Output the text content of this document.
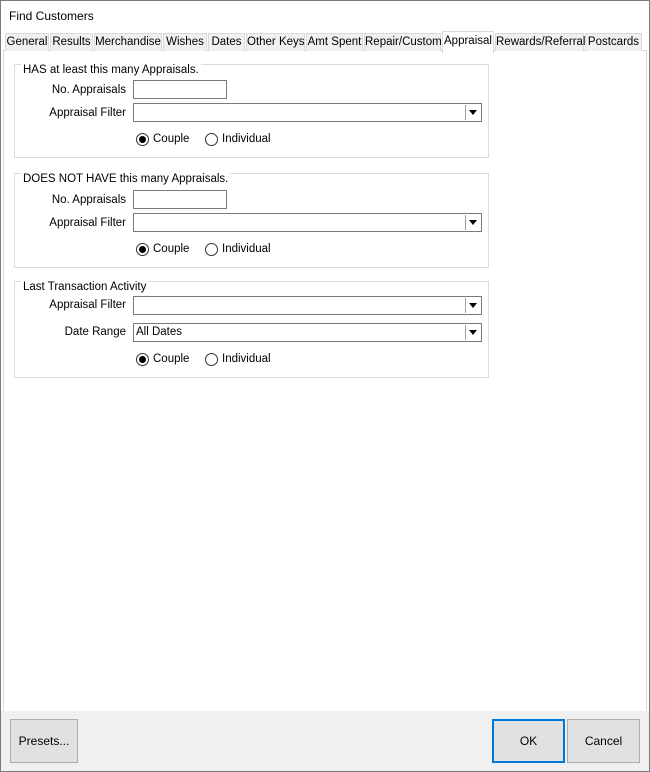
Find Customers
General Results Merchandise Wishes Dates Other Keys Amt Spent Repair/Custom Appraisal Rewards/Referral Postcards
HAS at least this many Appraisals.
No. Appraisals
Appraisal Filter
Couple	Individual
DOES NOT HAVE this many Appraisals.
No. Appraisals
Appraisal Filter
Couple	Individual
Last Transaction Activity
Appraisal Filter
Date Range All Dates
Couple	Individual
Presets...	OK	Cancel
